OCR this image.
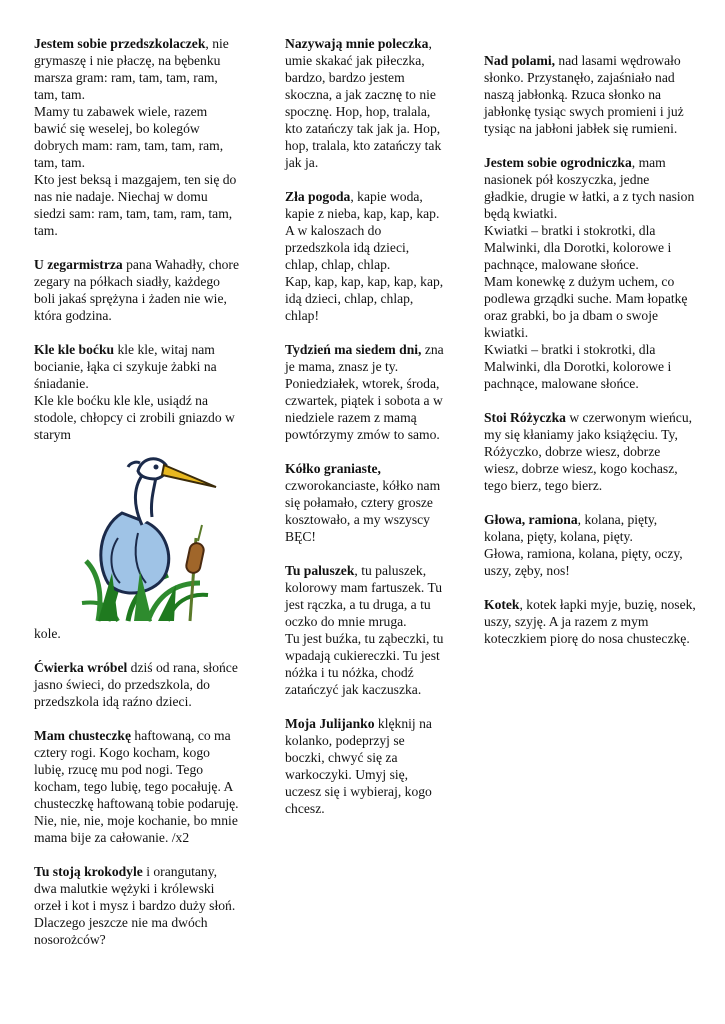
Jestem sobie przedszkolaczek, nie grymaszę i nie płaczę, na bębenku marsza gram: ram, tam, tam, ram, tam, tam.

Mamy tu zabawek wiele, razem bawić się weselej, bo kolegów dobrych mam: ram, tam, tam, ram, tam, tam.

Kto jest beksą i mazgajem, ten się do nas nie nadaje. Niechaj w domu siedzi sam: ram, tam, tam, ram, tam, tam.

U zegarmistrza pana Wahadły, chore zegary na półkach siadły, każdego boli jakaś sprężyna i żaden nie wie, która godzina.

Kle kle boćku kle kle, witaj nam bocianie, łąka ci szykuje żabki na śniadanie.

Kle kle boćku kle kle, usiądź na stodole, chłopcy ci zrobili gniazdo w starym

kole.

Ćwierka wróbel dziś od rana, słońce jasno świeci, do przedszkola, do przedszkola idą raźno dzieci.

Mam chusteczkę haftowaną, co ma cztery rogi. Kogo kocham, kogo lubię, rzucę mu pod nogi. Tego kocham, tego lubię, tego pocałuję. A chusteczkę haftowaną tobie podaruję.

Nie, nie, nie, moje kochanie, bo mnie mama bije za całowanie. /x2

Tu stoją krokodyle i orangutany, dwa malutkie wężyki i królewski orzeł i kot i mysz i bardzo duży słoń. Dlaczego jeszcze nie ma dwóch nosorożców?

Nazywają mnie poleczka, umie skakać jak piłeczka, bardzo, bardzo jestem skoczna, a jak zacznę to nie spocznę. Hop, hop, tralala, kto zatańczy tak jak ja. Hop, hop, tralala, kto zatańczy tak jak ja.

Zła pogoda, kapie woda, kapie z nieba, kap, kap, kap. A w kaloszach do przedszkola idą dzieci, chlap, chlap, chlap.

Kap, kap, kap, kap, kap, kap, idą dzieci, chlap, chlap, chlap!

Tydzień ma siedem dni, zna je mama, znasz je ty. Poniedziałek, wtorek, środa, czwartek, piątek i sobota a w niedziele razem z mamą powtórzymy zmów to samo.

Kółko graniaste, czworokanciaste, kółko nam się połamało, cztery grosze kosztowało, a my wszyscy BĘC!

Tu paluszek, tu paluszek, kolorowy mam fartuszek. Tu jest rączka, a tu druga, a tu oczko do mnie mruga.

Tu jest buźka, tu ząbeczki, tu wpadają cukiereczki. Tu jest nóżka i tu nóżka, chodź zatańczyć jak kaczuszka.

Moja Julijanko klęknij na kolanko, podeprzyj se boczki, chwyć się za warkoczyki. Umyj się, uczesz się i wybieraj, kogo chcesz.

Nad polami, nad lasami wędrowało słonko. Przystanęło, zajaśniało nad naszą jabłonką. Rzuca słonko na jabłonkę tysiąc swych promieni i już tysiąc na jabłoni jabłek się rumieni.

Jestem sobie ogrodniczka, mam nasionek pół koszyczka, jedne gładkie, drugie w łatki, a z tych nasion będą kwiatki.

Kwiatki – bratki i stokrotki, dla Malwinki, dla Dorotki, kolorowe i pachnące, malowane słońce.

Mam konewkę z dużym uchem, co podlewa grządki suche. Mam łopatkę oraz grabki, bo ja dbam o swoje kwiatki.

Kwiatki – bratki i stokrotki, dla Malwinki, dla Dorotki, kolorowe i pachnące, malowane słońce.

Stoi Różyczka w czerwonym wieńcu, my się kłaniamy jako książęciu. Ty, Różyczko, dobrze wiesz, dobrze wiesz, dobrze wiesz, kogo kochasz, tego bierz, tego bierz.

Głowa, ramiona, kolana, pięty, kolana, pięty, kolana, pięty.

Głowa, ramiona, kolana, pięty, oczy, uszy, zęby, nos!

Kotek, kotek łapki myje, buzię, nosek, uszy, szyję. A ja razem z mym koteczkiem piorę do nosa chusteczkę.
